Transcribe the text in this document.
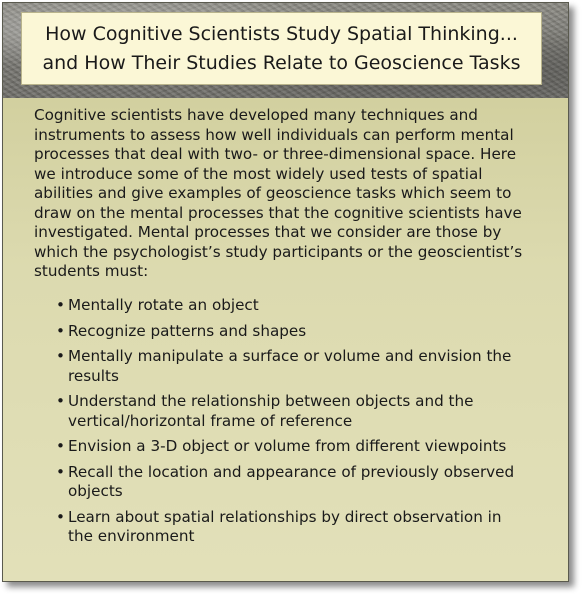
How Cognitive Scientists Study Spatial Thinking...
and How Their Studies Relate to Geoscience Tasks

Cognitive scientists have developed many techniques and
instruments to assess how well individuals can perform mental
processes that deal with two- or three-dimensional space. Here
we introduce some of the most widely used tests of spatial
abilities and give examples of geoscience tasks which seem to
draw on the mental processes that the cognitive scientists have
investigated. Mental processes that we consider are those by
which the psychologist’s study participants or the geoscientist’s
students must:

• Mentally rotate an object
• Recognize patterns and shapes
• Mentally manipulate a surface or volume and envision the
results
• Understand the relationship between objects and the
vertical/horizontal frame of reference
• Envision a 3-D object or volume from different viewpoints
• Recall the location and appearance of previously observed
objects
• Learn about spatial relationships by direct observation in
the environment
